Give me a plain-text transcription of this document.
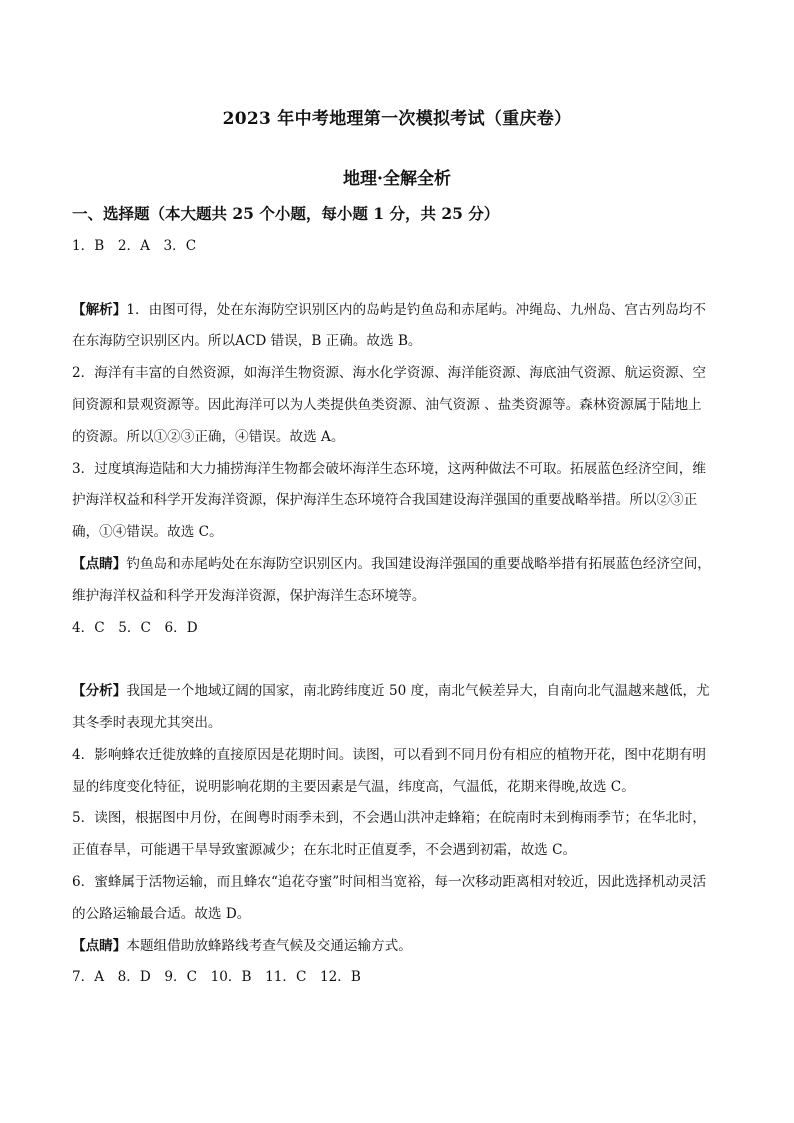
2023 年中考地理第一次模拟考试（重庆卷）
地理·全解全析
一、选择题（本大题共 25 个小题，每小题 1 分，共 25 分）
1．B　2．A　3．C
【解析】1．由图可得，处在东海防空识别区内的岛屿是钓鱼岛和赤尾屿。冲绳岛、九州岛、宫古列岛均不
在东海防空识别区内。所以ACD 错误，B 正确。故选 B。
2．海洋有丰富的自然资源，如海洋生物资源、海水化学资源、海洋能资源、海底油气资源、航运资源、空
间资源和景观资源等。因此海洋可以为人类提供鱼类资源、油气资源 、盐类资源等。森林资源属于陆地上
的资源。所以①②③正确，④错误。故选 A。
3．过度填海造陆和大力捕捞海洋生物都会破坏海洋生态环境，这两种做法不可取。拓展蓝色经济空间，维
护海洋权益和科学开发海洋资源，保护海洋生态环境符合我国建设海洋强国的重要战略举措。所以②③正
确，①④错误。故选 C。
【点睛】钓鱼岛和赤尾屿处在东海防空识别区内。我国建设海洋强国的重要战略举措有拓展蓝色经济空间，
维护海洋权益和科学开发海洋资源，保护海洋生态环境等。
4．C　5．C　6．D
【分析】我国是一个地域辽阔的国家，南北跨纬度近 50 度，南北气候差异大，自南向北气温越来越低，尤
其冬季时表现尤其突出。
4．影响蜂农迁徙放蜂的直接原因是花期时间。读图，可以看到不同月份有相应的植物开花，图中花期有明
显的纬度变化特征，说明影响花期的主要因素是气温，纬度高，气温低，花期来得晚,故选 C。
5．读图，根据图中月份，在闽粤时雨季未到，不会遇山洪冲走蜂箱；在皖南时未到梅雨季节；在华北时，
正值春旱，可能遇干旱导致蜜源减少；在东北时正值夏季，不会遇到初霜，故选 C。
6．蜜蜂属于活物运输，而且蜂农“追花夺蜜”时间相当宽裕，每一次移动距离相对较近，因此选择机动灵活
的公路运输最合适。故选 D。
【点睛】本题组借助放蜂路线考查气候及交通运输方式。
7．A　8．D　9．C　10．B　11．C　12．B
